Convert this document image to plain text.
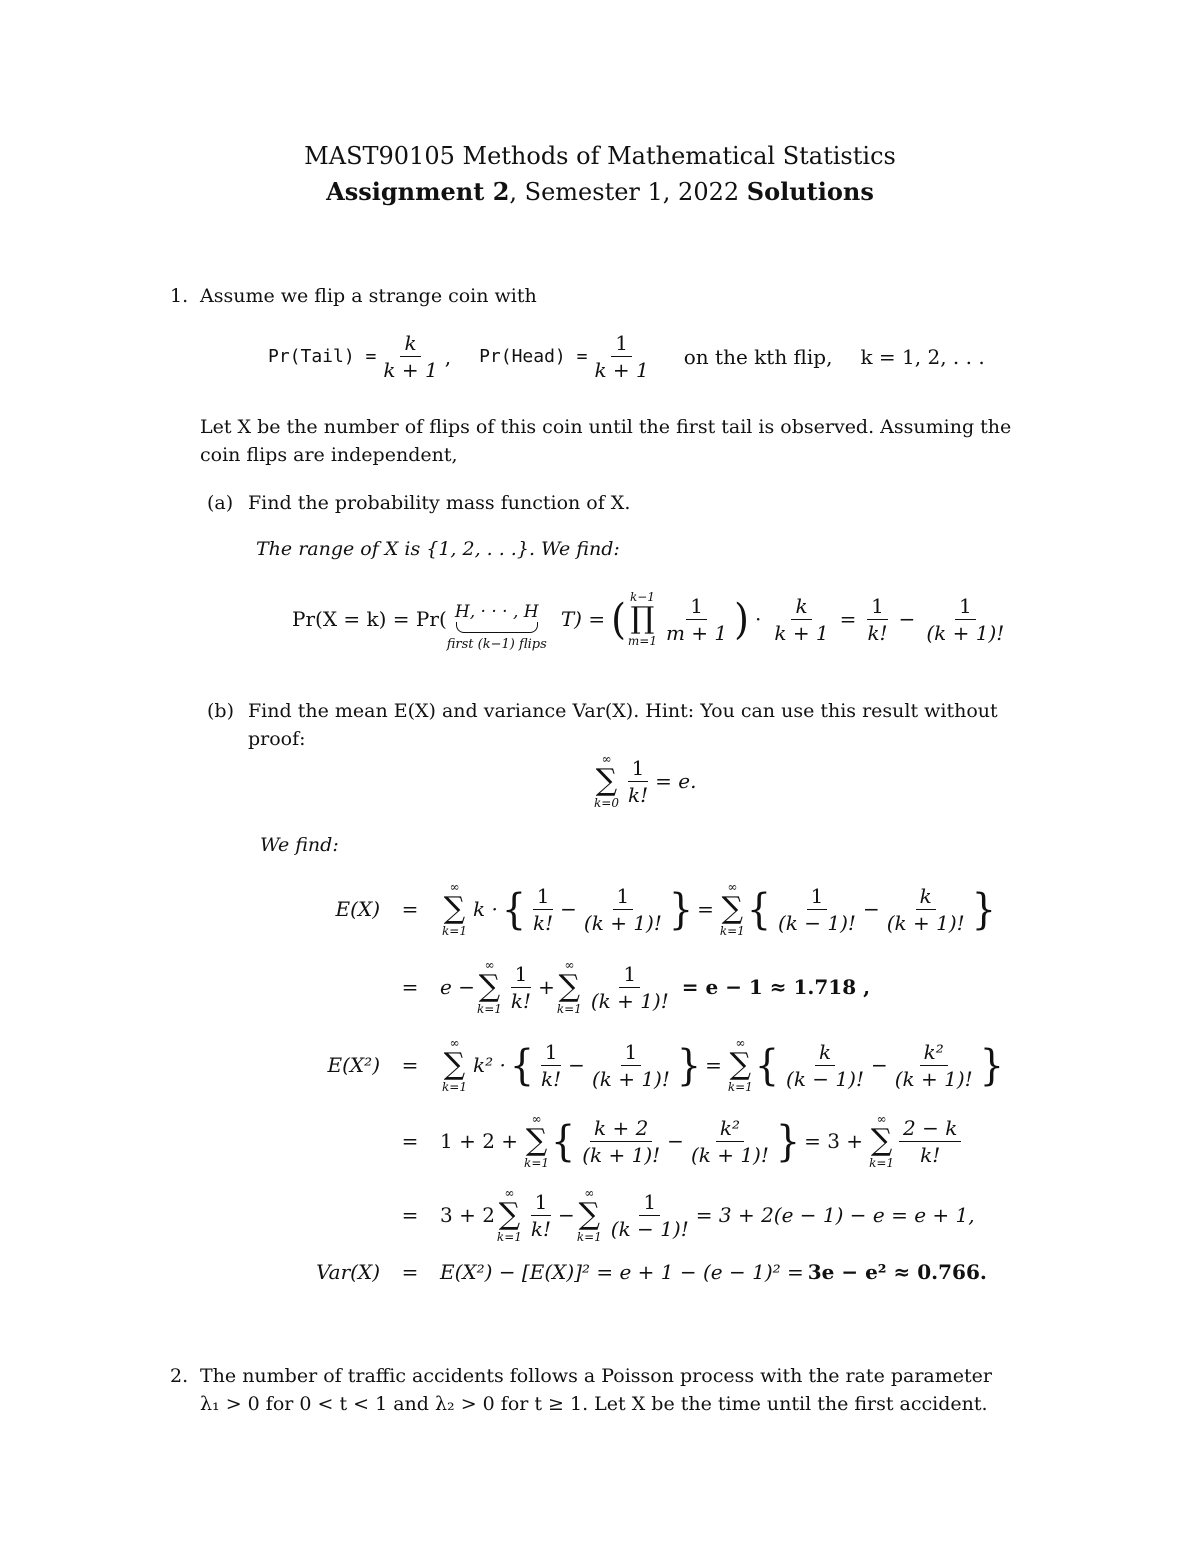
MAST90105 Methods of Mathematical Statistics
Assignment 2, Semester 1, 2022 Solutions
1. Assume we flip a strange coin with
Pr(Tail) = $\frac{k}{k + 1}$ , Pr(Head) = $\frac{1}{k + 1}$ on the kth flip, k = 1, 2, . . .
Let X be the number of flips of this coin until the first tail is observed. Assuming the
coin flips are independent,
(a) Find the probability mass function of X.
The range of X is {1, 2, . . .}. We find:
Pr(X = k) = Pr( H, · · · , H
first (k−1) flips
T) = ( k−1
∏
$m=1 \frac{1}{m + 1}$ ) · $\frac{k}{k + 1} = \frac{1}{k!} - \frac{1}{(k + 1)!}$
(b) Find the mean E(X) and variance Var(X). Hint: You can use this result without
proof:
∞
∑
$k=0 \frac{1}{k!} = e$.
We find:
E(X)	=
∞
∑
k=1
k · { $\frac{1}{k!} - \frac{1}{(k + 1)!}$ } =
∞
∑
k=1 { $\frac{1}{(k - 1)!} - \frac{k}{(k + 1)!}$ }
=	e −
∞
∑
$k=1 \frac{1}{k!}$ +
∞
∑
$k=1 \frac{1}{(k + 1)!} = e - 1 \approx 1.718$ ,
E(X²)	=
∞
∑
k=1
k² · { $\frac{1}{k!} - \frac{1}{(k + 1)!}$ } =
∞
∑
k=1 { $\frac{k}{(k - 1)!} - \frac{\text{k²}}{(k + 1)!}$ }
=	1 + 2 +
∞
∑
k=1 { $\frac{k + 2}{(k + 1)!} - \frac{\text{k²}}{(k + 1)!}$ } = 3 +
∞
∑
$k=1 \frac{2 - k}{k!}$
=	3 + 2
∞
∑
$k=1 \frac{1}{k!}$ −
∞
∑
$k=1 \frac{1}{(k - 1)!} = 3 + 2(e - 1) - e = e + 1$,
Var(X)	=	E(X²) − [E(X)]² = e + 1 − (e − 1)² = 3e − e² ≈ 0.766.
2. The number of traffic accidents follows a Poisson process with the rate parameter
λ₁ > 0 for 0 < t < 1 and λ₂ > 0 for t ≥ 1. Let X be the time until the first accident.
